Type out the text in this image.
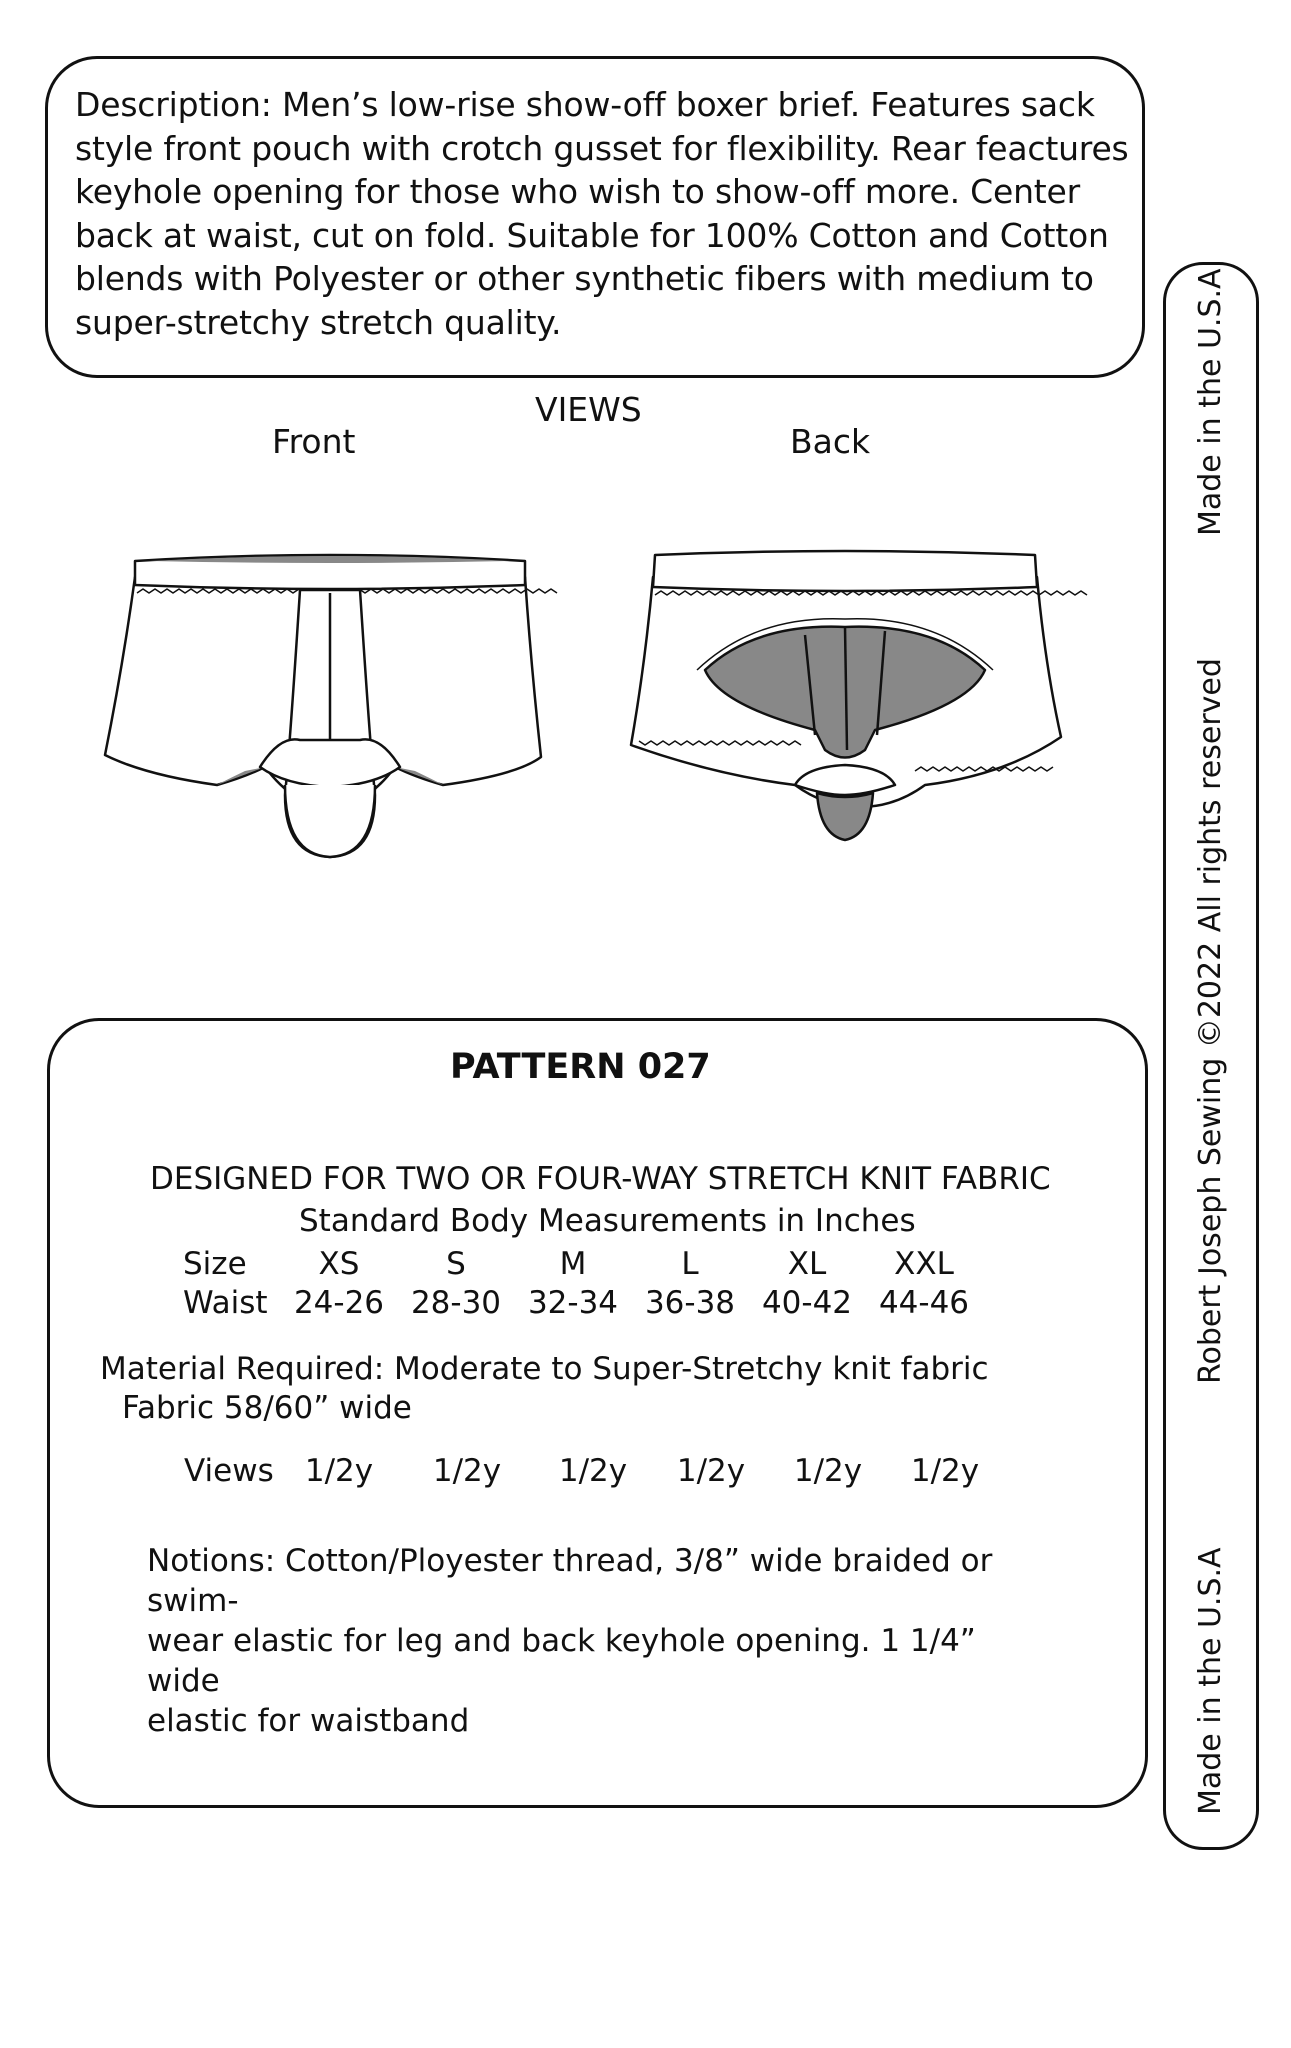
Description: Men’s low-rise show-off boxer brief. Features sack
style front pouch with crotch gusset for flexibility. Rear feactures
keyhole opening for those who wish to show-off more. Center
back at waist, cut on fold. Suitable for 100% Cotton and Cotton
blends with Polyester or other synthetic fibers with medium to
super-stretchy stretch quality.

VIEWS
Front	Back
PATTERN 027
DESIGNED FOR TWO OR FOUR-WAY STRETCH KNIT FABRIC
Standard Body Measurements in Inches
Size	XS	S	M	L	XL	XXL
Waist 24-26 28-30 32-34 36-38 40-42 44-46
Material Required: Moderate to Super-Stretchy knit fabric
Fabric 58/60” wide
Views	1/2y	1/2y	1/2y	1/2y	1/2y	1/2y
Notions: Cotton/Ployester thread, 3/8” wide braided or swim-
wear elastic for leg and back keyhole opening. 1 1/4” wide
elastic for waistband
Made in the U.S.A
Robert Joseph Sewing ©2022 All rights reserved
Made in the U.S.A
